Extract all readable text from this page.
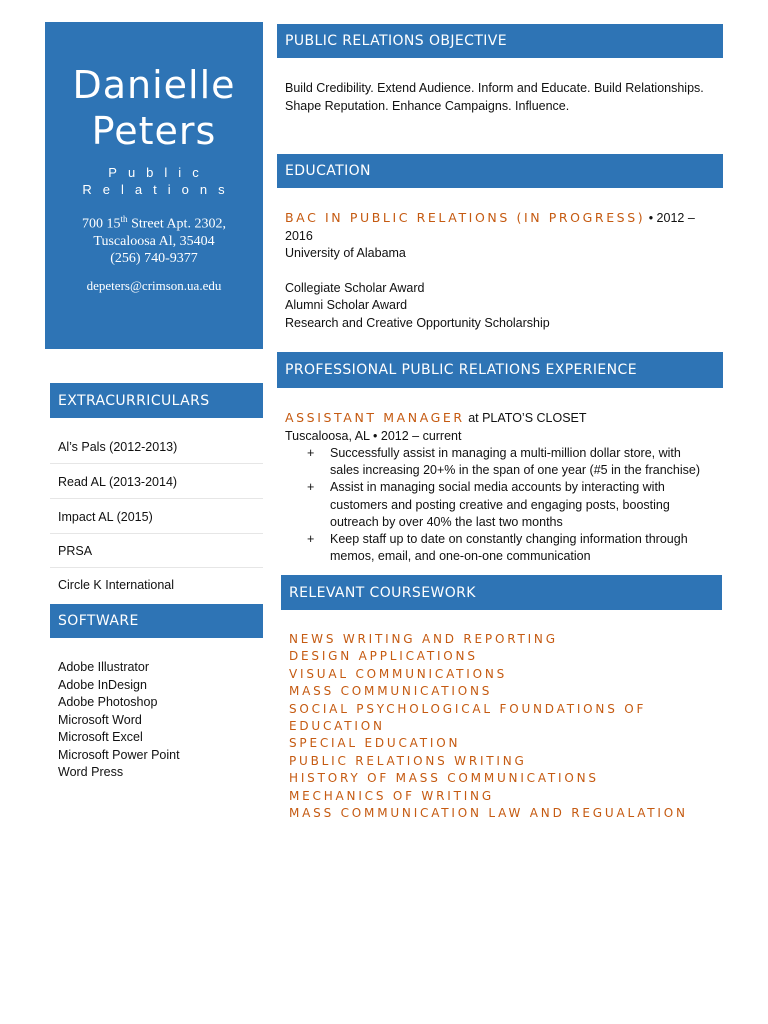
Danielle
Peters
Public
Relations
700 15th Street Apt. 2302,
Tuscaloosa Al, 35404
(256) 740-9377
depeters@crimson.ua.edu
PUBLIC RELATIONS OBJECTIVE
Build Credibility. Extend Audience. Inform and Educate. Build Relationships.
Shape Reputation. Enhance Campaigns. Influence.
EDUCATION
BAC IN PUBLIC RELATIONS (IN PROGRESS) • 2012 –
2016
University of Alabama
Collegiate Scholar Award
Alumni Scholar Award
Research and Creative Opportunity Scholarship
PROFESSIONAL PUBLIC RELATIONS EXPERIENCE
ASSISTANT MANAGER at PLATO’S CLOSET
Tuscaloosa, AL • 2012 – current
+ Successfully assist in managing a multi-million dollar store, with
sales increasing 20+% in the span of one year (#5 in the franchise)
+ Assist in managing social media accounts by interacting with
customers and posting creative and engaging posts, boosting
outreach by over 40% the last two months
+ Keep staff up to date on constantly changing information through
memos, email, and one-on-one communication
RELEVANT COURSEWORK
NEWS WRITING AND REPORTING
DESIGN APPLICATIONS
VISUAL COMMUNICATIONS
MASS COMMUNICATIONS
SOCIAL PSYCHOLOGICAL FOUNDATIONS OF
EDUCATION
SPECIAL EDUCATION
PUBLIC RELATIONS WRITING
HISTORY OF MASS COMMUNICATIONS
MECHANICS OF WRITING
MASS COMMUNICATION LAW AND REGUALATION
EXTRACURRICULARS
Al’s Pals (2012-2013)
Read AL (2013-2014)
Impact AL (2015)
PRSA
Circle K International
SOFTWARE
Adobe Illustrator
Adobe InDesign
Adobe Photoshop
Microsoft Word
Microsoft Excel
Microsoft Power Point
Word Press
